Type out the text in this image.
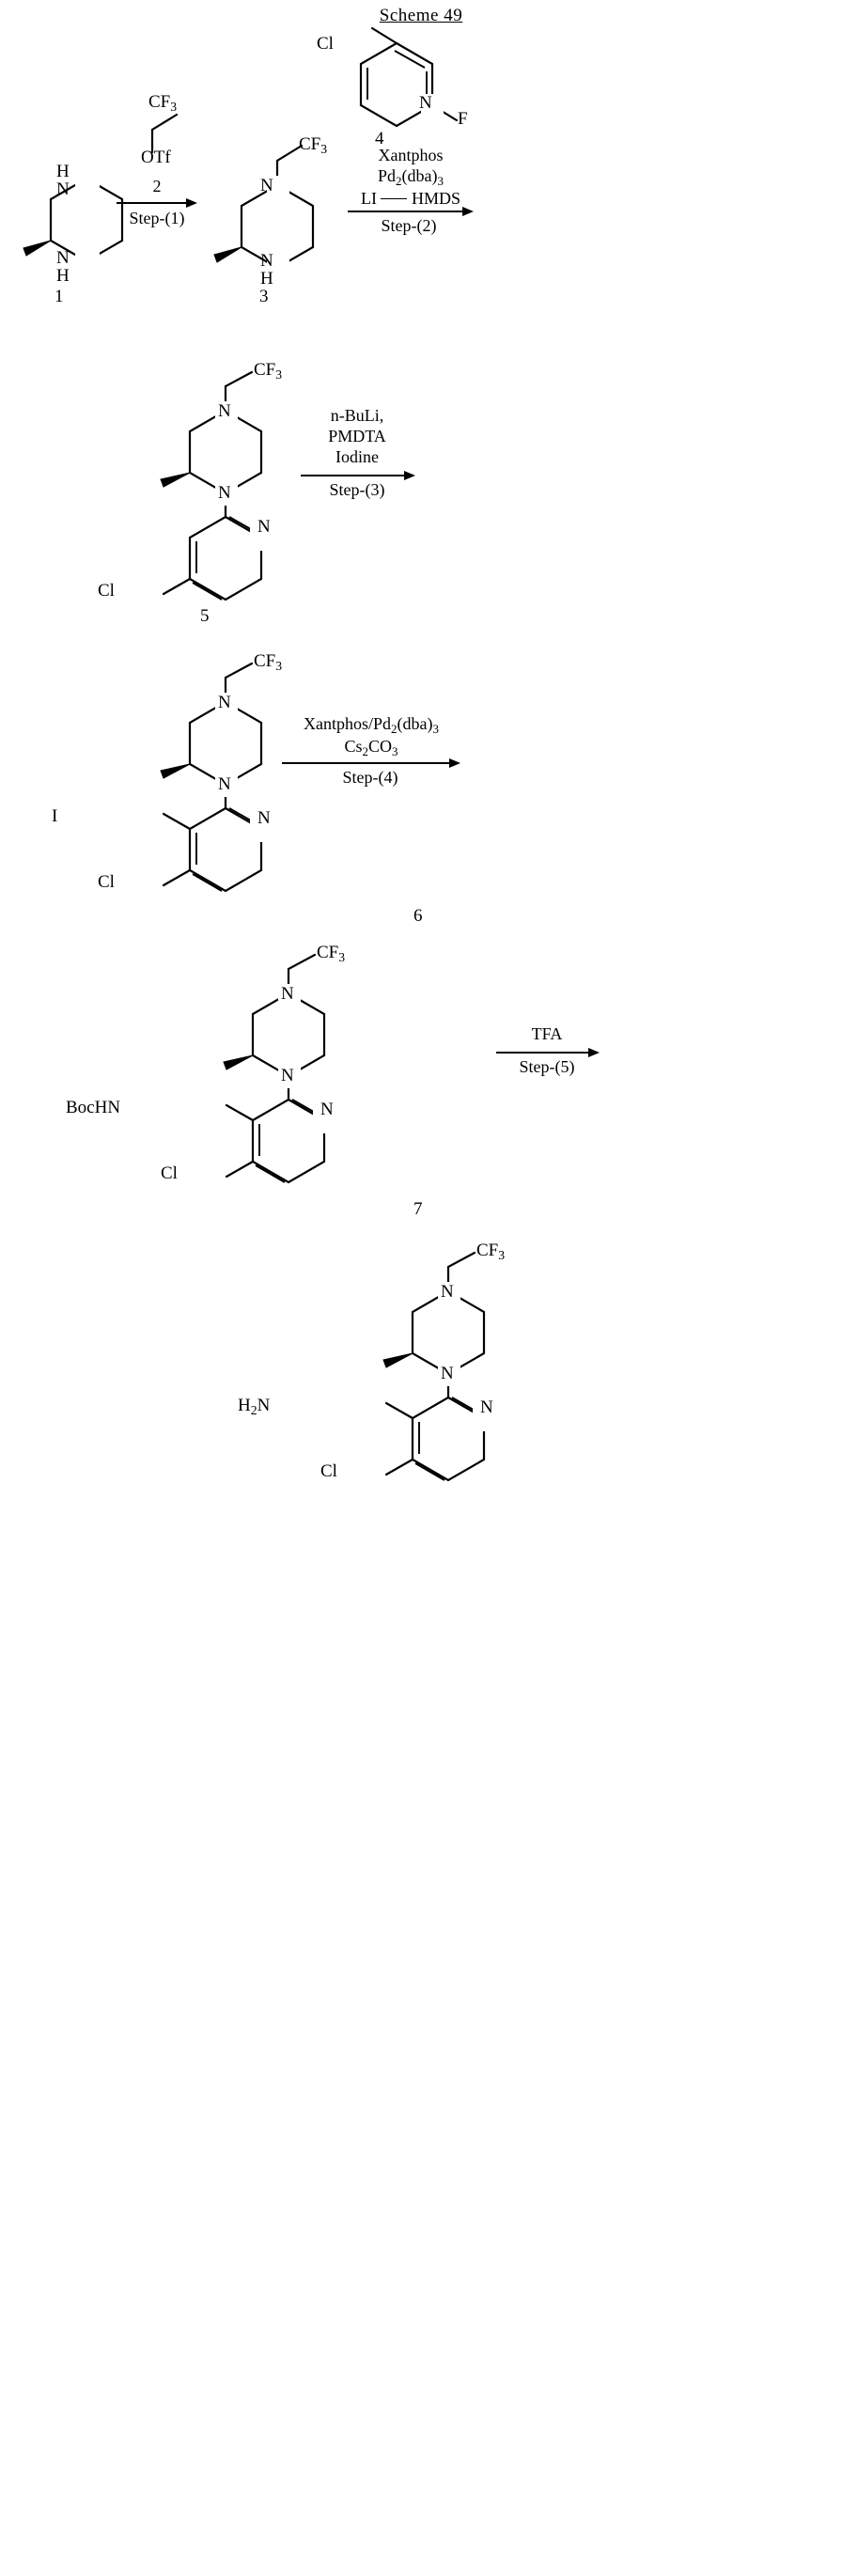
Scheme 49
H
N
N
H
1
$CF_3$
OTf
2
Step-(1)
$CF_3$
N
N
H
3
Cl
N
F
4
Xantphos
$Pd_2(dba)_3$
LI HMDS
Step-(2)
$CF_3$
N
N
N
Cl
5
n-BuLi,
PMDTA
Iodine
Step-(3)
$CF_3$
N
N
N
I
Cl
6
Xantphos/$Pd_2(dba)_3$
$Cs_2CO_3$
Step-(4)
$CF_3$
N
N
N
BocHN
Cl
7
TFA
Step-(5)
$CF_3$
N
N
N
$H_2N$
Cl
